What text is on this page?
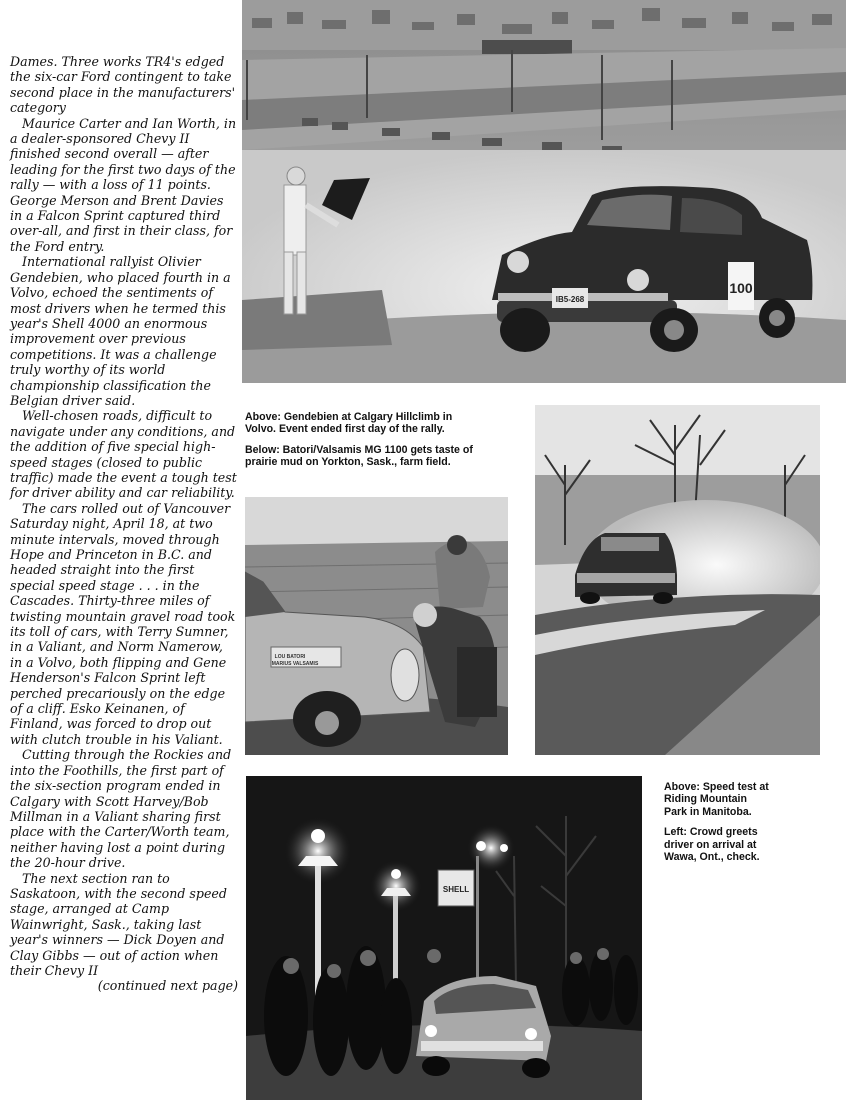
Dames. Three works TR4's edged the six-car Ford contingent to take second place in the manufacturers' category

Maurice Carter and Ian Worth, in a dealer-sponsored Chevy II finished second overall — after leading for the first two days of the rally — with a loss of 11 points. George Merson and Brent Davies in a Falcon Sprint captured third over-all, and first in their class, for the Ford entry.

International rallyist Olivier Gendebien, who placed fourth in a Volvo, echoed the sentiments of most drivers when he termed this year's Shell 4000 an enormous improvement over previous competitions. It was a challenge truly worthy of its world championship classification the Belgian driver said.

Well-chosen roads, difficult to navigate under any conditions, and the addition of five special high-speed stages (closed to public traffic) made the event a tough test for driver ability and car reliability.

The cars rolled out of Vancouver Saturday night, April 18, at two minute intervals, moved through Hope and Princeton in B.C. and headed straight into the first special speed stage . . . in the Cascades. Thirty-three miles of twisting mountain gravel road took its toll of cars, with Terry Sumner, in a Valiant, and Norm Namerow, in a Volvo, both flipping and Gene Henderson's Falcon Sprint left perched precariously on the edge of a cliff. Esko Keinanen, of Finland, was forced to drop out with clutch trouble in his Valiant.

Cutting through the Rockies and into the Foothills, the first part of the six-section program ended in Calgary with Scott Harvey/Bob Millman in a Valiant sharing first place with the Carter/Worth team, neither having lost a point during the 20-hour drive.

The next section ran to Saskatoon, with the second speed stage, arranged at Camp Wainwright, Sask., taking last year's winners — Dick Doyen and Clay Gibbs — out of action when their Chevy II

(continued next page)

100
IB5-268

Above: Gendebien at Calgary Hillclimb in Volvo. Event ended first day of the rally.

Below: Batori/Valsamis MG 1100 gets taste of prairie mud on Yorkton, Sask., farm field.

LOU BATORI
MARIUS VALSAMIS
SHELL

Above: Speed test at Riding Mountain Park in Manitoba.

Left: Crowd greets driver on arrival at Wawa, Ont., check.
